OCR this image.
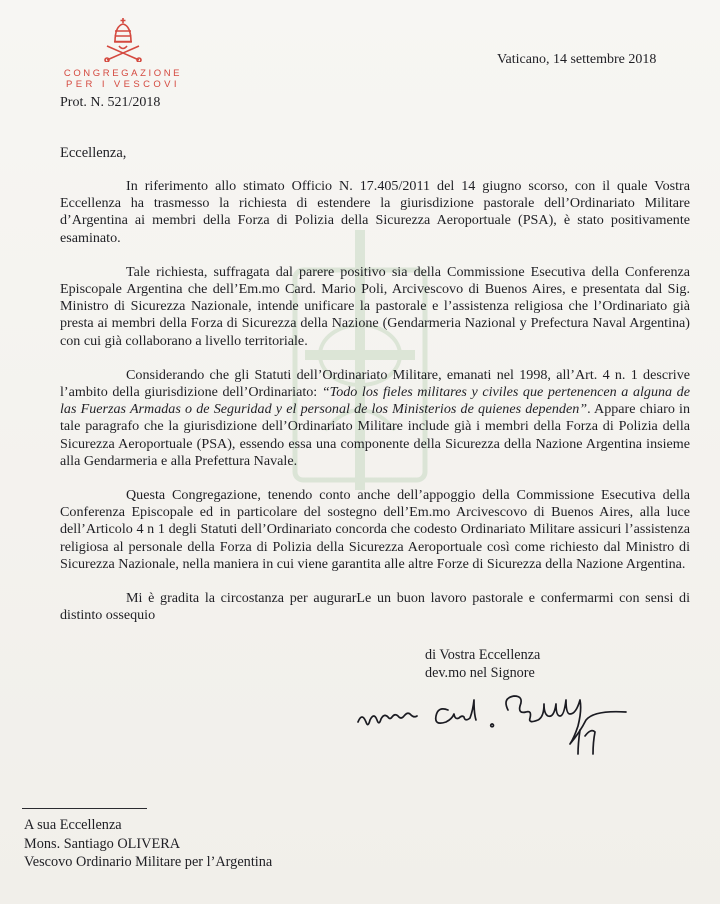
CONGREGAZIONE
PER I VESCOVI
Vaticano, 14 settembre 2018
Prot. N. 521/2018
Eccellenza,

In riferimento allo stimato Officio N. 17.405/2011 del 14 giugno scorso, con il quale Vostra Eccellenza ha trasmesso la richiesta di estendere la giurisdizione pastorale dell’Ordinariato Militare d’Argentina ai membri della Forza di Polizia della Sicurezza Aeroportuale (PSA), è stato positivamente esaminato.

Tale richiesta, suffragata dal parere positivo sia della Commissione Esecutiva della Conferenza Episcopale Argentina che dell’Em.mo Card. Mario Poli, Arcivescovo di Buenos Aires, e presentata dal Sig. Ministro di Sicurezza Nazionale, intende unificare la pastorale e l’assistenza religiosa che l’Ordinariato già presta ai membri della Forza di Sicurezza della Nazione (Gendarmeria Nazional y Prefectura Naval Argentina) con cui già collaborano a livello territoriale.

Considerando che gli Statuti dell’Ordinariato Militare, emanati nel 1998, all’Art. 4 n. 1 descrive l’ambito della giurisdizione dell’Ordinariato: “Todo los fieles militares y civiles que pertenencen a alguna de las Fuerzas Armadas o de Seguridad y el personal de los Ministerios de quienes dependen”. Appare chiaro in tale paragrafo che la giurisdizione dell’Ordinariato Militare include già i membri della Forza di Polizia della Sicurezza Aeroportuale (PSA), essendo essa una componente della Sicurezza della Nazione Argentina insieme alla Gendarmeria e alla Prefettura Navale.

Questa Congregazione, tenendo conto anche dell’appoggio della Commissione Esecutiva della Conferenza Episcopale ed in particolare del sostegno dell’Em.mo Arcivescovo di Buenos Aires, alla luce dell’Articolo 4 n 1 degli Statuti dell’Ordinariato concorda che codesto Ordinariato Militare assicuri l’assistenza religiosa al personale della Forza di Polizia della Sicurezza Aeroportuale così come richiesto dal Ministro di Sicurezza Nazionale, nella maniera in cui viene garantita alle altre Forze di Sicurezza della Nazione Argentina.

Mi è gradita la circostanza per augurarLe un buon lavoro pastorale e confermarmi con sensi di distinto ossequio

di Vostra Eccellenza
dev.mo nel Signore
A sua Eccellenza
Mons. Santiago OLIVERA
Vescovo Ordinario Militare per l’Argentina
